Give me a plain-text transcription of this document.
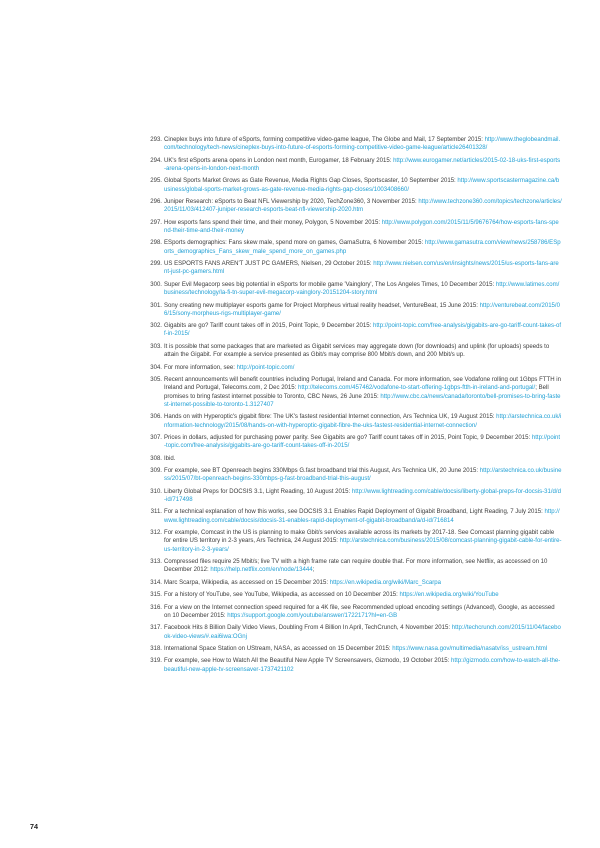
293. Cineplex buys into future of eSports, forming competitive video-game league, The Globe and Mail, 17 September 2015: http://www.theglobeandmail.com/technology/tech-news/cineplex-buys-into-future-of-esports-forming-competitive-video-game-league/article26401328/
294. UK's first eSports arena opens in London next month, Eurogamer, 18 February 2015: http://www.eurogamer.net/articles/2015-02-18-uks-first-esports-arena-opens-in-london-next-month
295. Global Sports Market Grows as Gate Revenue, Media Rights Gap Closes, Sportscaster, 10 September 2015: http://www.sportscastermagazine.ca/business/global-sports-market-grows-as-gate-revenue-media-rights-gap-closes/1003408660/
296. Juniper Research: eSports to Beat NFL Viewership by 2020, TechZone360, 3 November 2015: http://www.techzone360.com/topics/techzone/articles/2015/11/03/412407-juniper-research-esports-beat-nfl-viewership-2020.htm
297. How esports fans spend their time, and their money, Polygon, 5 November 2015: http://www.polygon.com/2015/11/5/9676764/how-esports-fans-spend-their-time-and-their-money
298. ESports demographics: Fans skew male, spend more on games, GamaSutra, 6 November 2015: http://www.gamasutra.com/view/news/258786/ESports_demographics_Fans_skew_male_spend_more_on_games.php
299. US ESPORTS FANS AREN'T JUST PC GAMERS, Nielsen, 29 October 2015: http://www.nielsen.com/us/en/insights/news/2015/us-esports-fans-arent-just-pc-gamers.html
300. Super Evil Megacorp sees big potential in eSports for mobile game 'Vainglory', The Los Angeles Times, 10 December 2015: http://www.latimes.com/business/technology/la-fi-tn-super-evil-megacorp-vainglory-20151204-story.html
301. Sony creating new multiplayer esports game for Project Morpheus virtual reality headset, VentureBeat, 15 June 2015: http://venturebeat.com/2015/06/15/sony-morpheus-rigs-multiplayer-game/
302. Gigabits are go? Tariff count takes off in 2015, Point Topic, 9 December 2015: http://point-topic.com/free-analysis/gigabits-are-go-tariff-count-takes-off-in-2015/
303. It is possible that some packages that are marketed as Gigabit services may aggregate down (for downloads) and uplink (for uploads) speeds to attain the Gigabit. For example a service presented as Gbit/s may comprise 800 Mbit/s down, and 200 Mbit/s up.
304. For more information, see: http://point-topic.com/
305. Recent announcements will benefit countries including Portugal, Ireland and Canada. For more information, see Vodafone rolling out 1Gbps FTTH in Ireland and Portugal, Telecoms.com, 2 Dec 2015: http://telecoms.com/457462/vodafone-to-start-offering-1gbps-ftth-in-ireland-and-portugal/; Bell promises to bring fastest internet possible to Toronto, CBC News, 26 June 2015: http://www.cbc.ca/news/canada/toronto/bell-promises-to-bring-fastest-internet-possible-to-toronto-1.3127407
306. Hands on with Hyperoptic's gigabit fibre: The UK's fastest residential Internet connection, Ars Technica UK, 19 August 2015: http://arstechnica.co.uk/information-technology/2015/08/hands-on-with-hyperoptic-gigabit-fibre-the-uks-fastest-residential-internet-connection/
307. Prices in dollars, adjusted for purchasing power parity. See Gigabits are go? Tariff count takes off in 2015, Point Topic, 9 December 2015: http://point-topic.com/free-analysis/gigabits-are-go-tariff-count-takes-off-in-2015/
308. Ibid.
309. For example, see BT Openreach begins 330Mbps G.fast broadband trial this August, Ars Technica UK, 20 June 2015: http://arstechnica.co.uk/business/2015/07/bt-openreach-begins-330mbps-g-fast-broadband-trial-this-august/
310. Liberty Global Preps for DOCSIS 3.1, Light Reading, 10 August 2015: http://www.lightreading.com/cable/docsis/liberty-global-preps-for-docsis-31/d/d-id/717498
311. For a technical explanation of how this works, see DOCSIS 3.1 Enables Rapid Deployment of Gigabit Broadband, Light Reading, 7 July 2015: http://www.lightreading.com/cable/docsis/docsis-31-enables-rapid-deployment-of-gigabit-broadband/a/d-id/716814
312. For example, Comcast in the US is planning to make Gbit/s services available across its markets by 2017-18. See Comcast planning gigabit cable for entire US territory in 2-3 years, Ars Technica, 24 August 2015: http://arstechnica.com/business/2015/08/comcast-planning-gigabit-cable-for-entire-us-territory-in-2-3-years/
313. Compressed files require 25 Mbit/s; live TV with a high frame rate can require double that. For more information, see Netflix, as accessed on 10 December 2012: https://help.netflix.com/en/node/13444;
314. Marc Scarpa, Wikipedia, as accessed on 15 December 2015: https://en.wikipedia.org/wiki/Marc_Scarpa
315. For a history of YouTube, see YouTube, Wikipedia, as accessed on 10 December 2015: https://en.wikipedia.org/wiki/YouTube
316. For a view on the Internet connection speed required for a 4K file, see Recommended upload encoding settings (Advanced), Google, as accessed on 10 December 2015: https://support.google.com/youtube/answer/1722171?hl=en-GB
317. Facebook Hits 8 Billion Daily Video Views, Doubling From 4 Billion In April, TechCrunch, 4 November 2015: http://techcrunch.com/2015/11/04/facebook-video-views/#.eai6iwa:OGnj
318. International Space Station on UStream, NASA, as accessed on 15 December 2015: https://www.nasa.gov/multimedia/nasatv/iss_ustream.html
319. For example, see How to Watch All the Beautiful New Apple TV Screensavers, Gizmodo, 19 October 2015: http://gizmodo.com/how-to-watch-all-the-beautiful-new-apple-tv-screensaver-1737421102
74
